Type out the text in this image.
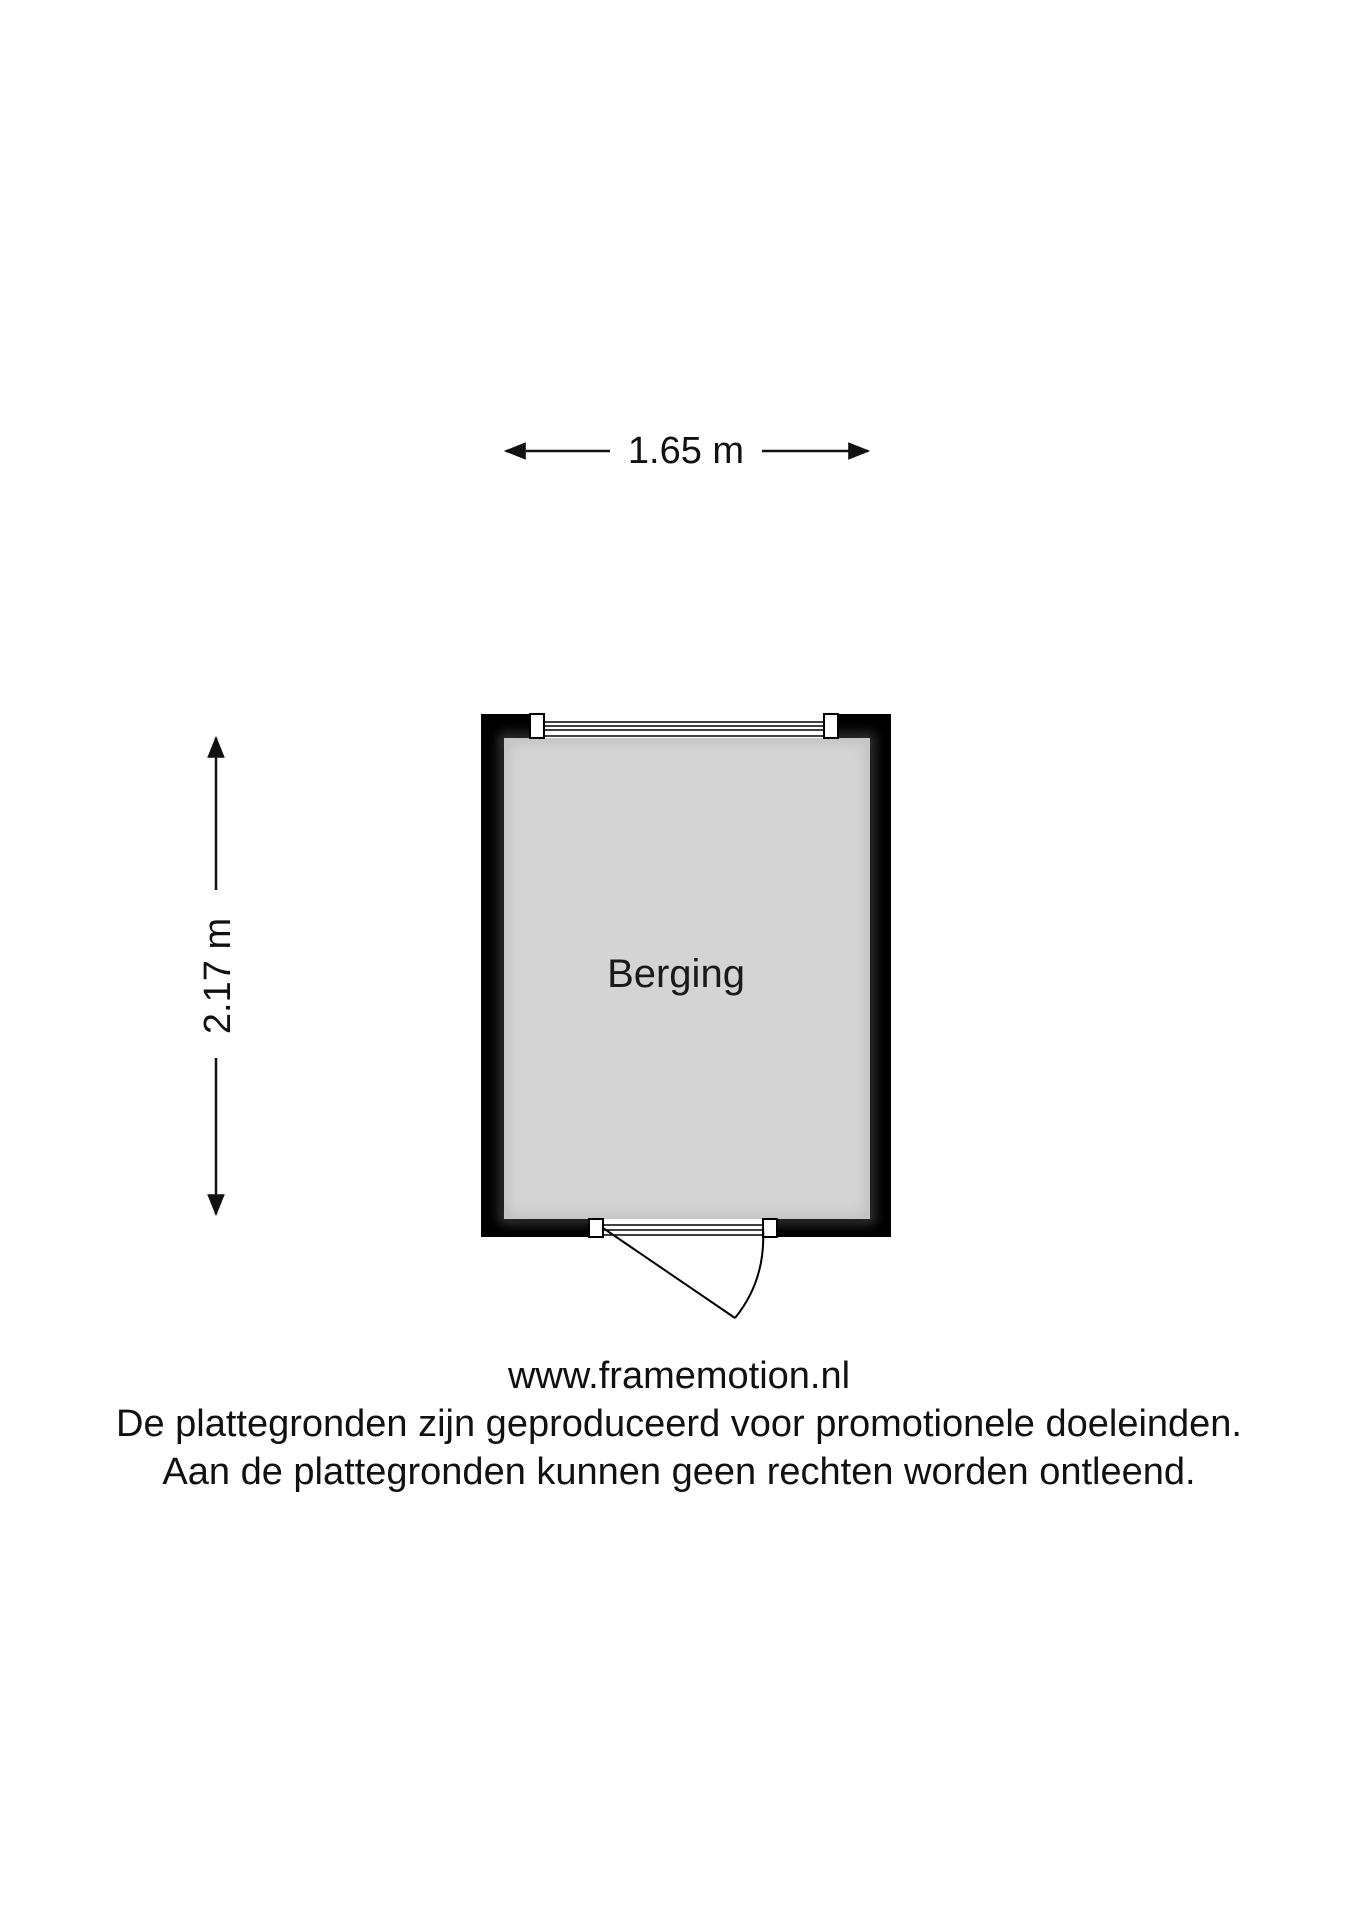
1.65 m
2.17 m	Berging
www.framemotion.nl
De plattegronden zijn geproduceerd voor promotionele doeleinden.
Aan de plattegronden kunnen geen rechten worden ontleend.
